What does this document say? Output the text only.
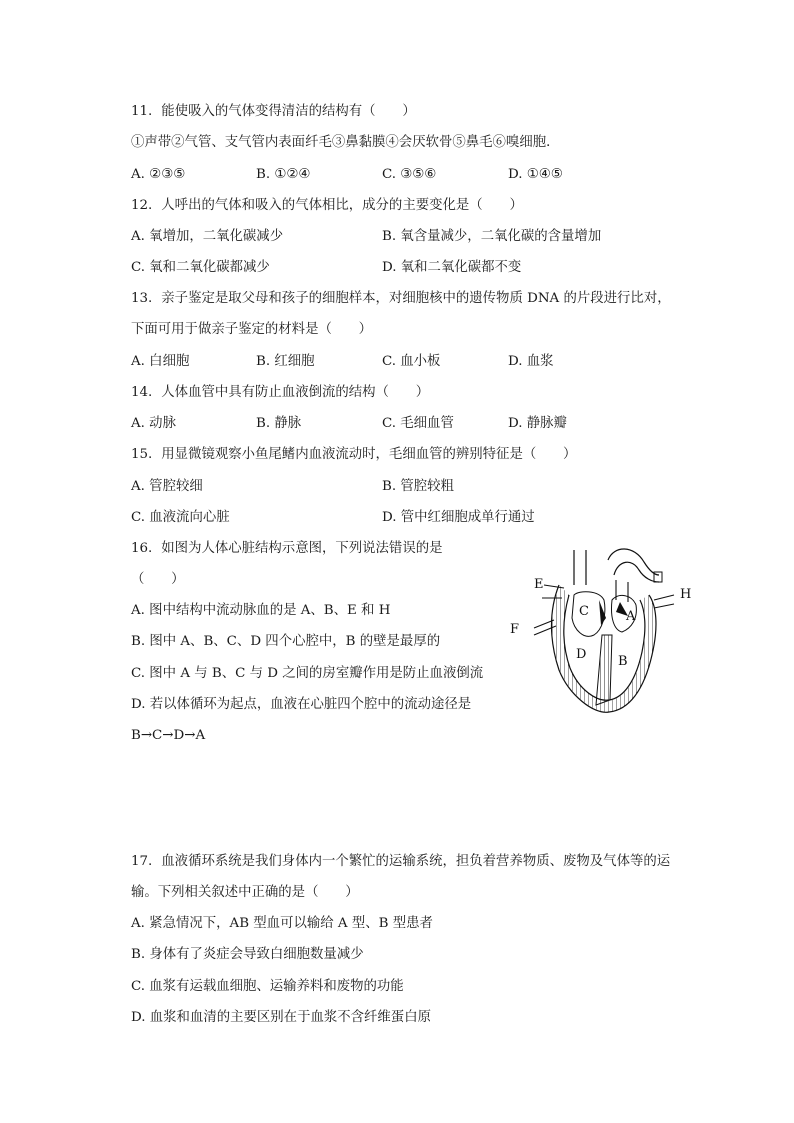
11. 能使吸入的气体变得清洁的结构有（　　）
①声带②气管、支气管内表面纤毛③鼻黏膜④会厌软骨⑤鼻毛⑥嗅细胞．
A. ②③⑤	B. ①②④	C. ③⑤⑥	D. ①④⑤
12. 人呼出的气体和吸入的气体相比，成分的主要变化是（　　）
A. 氧增加，二氧化碳减少	B. 氧含量减少，二氧化碳的含量增加
C. 氧和二氧化碳都减少	D. 氧和二氧化碳都不变
13. 亲子鉴定是取父母和孩子的细胞样本，对细胞核中的遗传物质 DNA 的片段进行比对，
下面可用于做亲子鉴定的材料是（　　）
A. 白细胞	B. 红细胞	C. 血小板	D. 血浆
14. 人体血管中具有防止血液倒流的结构（　　）
A. 动脉	B. 静脉	C. 毛细血管	D. 静脉瓣
15. 用显微镜观察小鱼尾鳍内血液流动时，毛细血管的辨别特征是（　　）
A. 管腔较细	B. 管腔较粗
C. 血液流向心脏	D. 管中红细胞成单行通过
16. 如图为人体心脏结构示意图，下列说法错误的是
（　　）
A. 图中结构中流动脉血的是 A、B、E 和 H
B. 图中 A、B、C、D 四个心腔中，B 的壁是最厚的
C. 图中 A 与 B、C 与 D 之间的房室瓣作用是防止血液倒流
D. 若以体循环为起点，血液在心脏四个腔中的流动途径是
B→C→D→A
E
F
H
C	A
D B
17. 血液循环系统是我们身体内一个繁忙的运输系统，担负着营养物质、废物及气体等的运
输。下列相关叙述中正确的是（　　）
A. 紧急情况下，AB 型血可以输给 A 型、B 型患者
B. 身体有了炎症会导致白细胞数量减少
C. 血浆有运载血细胞、运输养料和废物的功能
D. 血浆和血清的主要区别在于血浆不含纤维蛋白原
